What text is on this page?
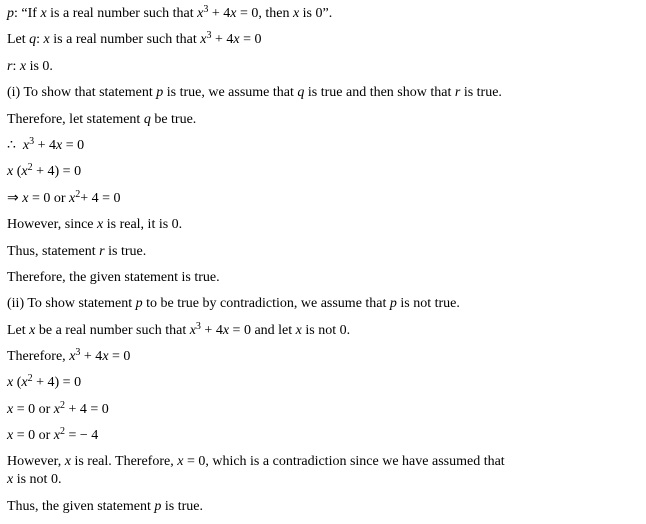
p: “If x is a real number such that $x^3 + 4x = 0$, then x is 0”.
Let q: x is a real number such that $x^3 + 4x = 0$
r: x is 0.
(i) To show that statement p is true, we assume that q is true and then show that r is true.
Therefore, let statement q be true.
∴  $x^3 + 4x = 0$
x $(x^2 + 4) = 0$
⇒ x = 0 or $x^2+ 4 = 0$
However, since x is real, it is 0.
Thus, statement r is true.
Therefore, the given statement is true.
(ii) To show statement p to be true by contradiction, we assume that p is not true.
Let x be a real number such that $x^3 + 4x = 0$ and let x is not 0.
Therefore, $x^3 + 4x = 0$
x $(x^2 + 4) = 0$
x = 0 or $x^2 + 4 = 0$
x = 0 or $x^2$ = − 4
However, x is real. Therefore, x = 0, which is a contradiction since we have assumed that
x is not 0.
Thus, the given statement p is true.
